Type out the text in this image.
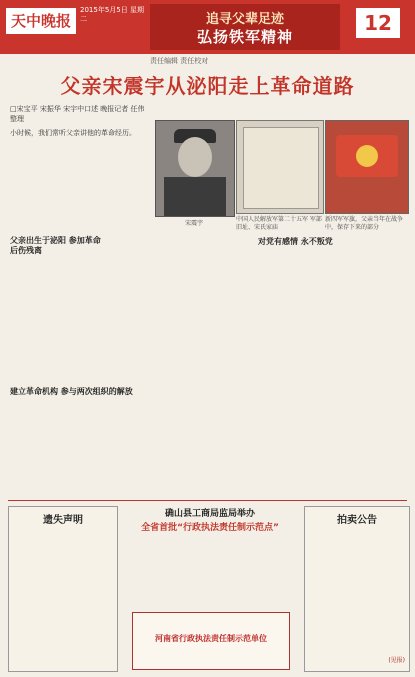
天中晚报
2015年5月5日 星期二	追寻父辈足迹
弘扬铁军精神
12
责任编辑 责任校对
父亲宋震宇从泌阳走上革命道路
□宋宝平 宋振华 宋宇中口述 晚报记者 任伟整理
小时候，我们常听父亲讲他的革命经历。
宋震宇
中国人民解放军第二十五军 军部旧址、宋氏家庙
新四军军旗，父亲当年在战争中，保存下来的部分
父亲出生于泌阳 参加革命后伤残离
对党有感情 永不叛党
建立革命机构 参与两次组织的解放
遗失声明
确山县工商局监局举办
全省首批“行政执法责任制示范点”
河南省行政执法责任制示范单位
拍卖公告
(见报)
